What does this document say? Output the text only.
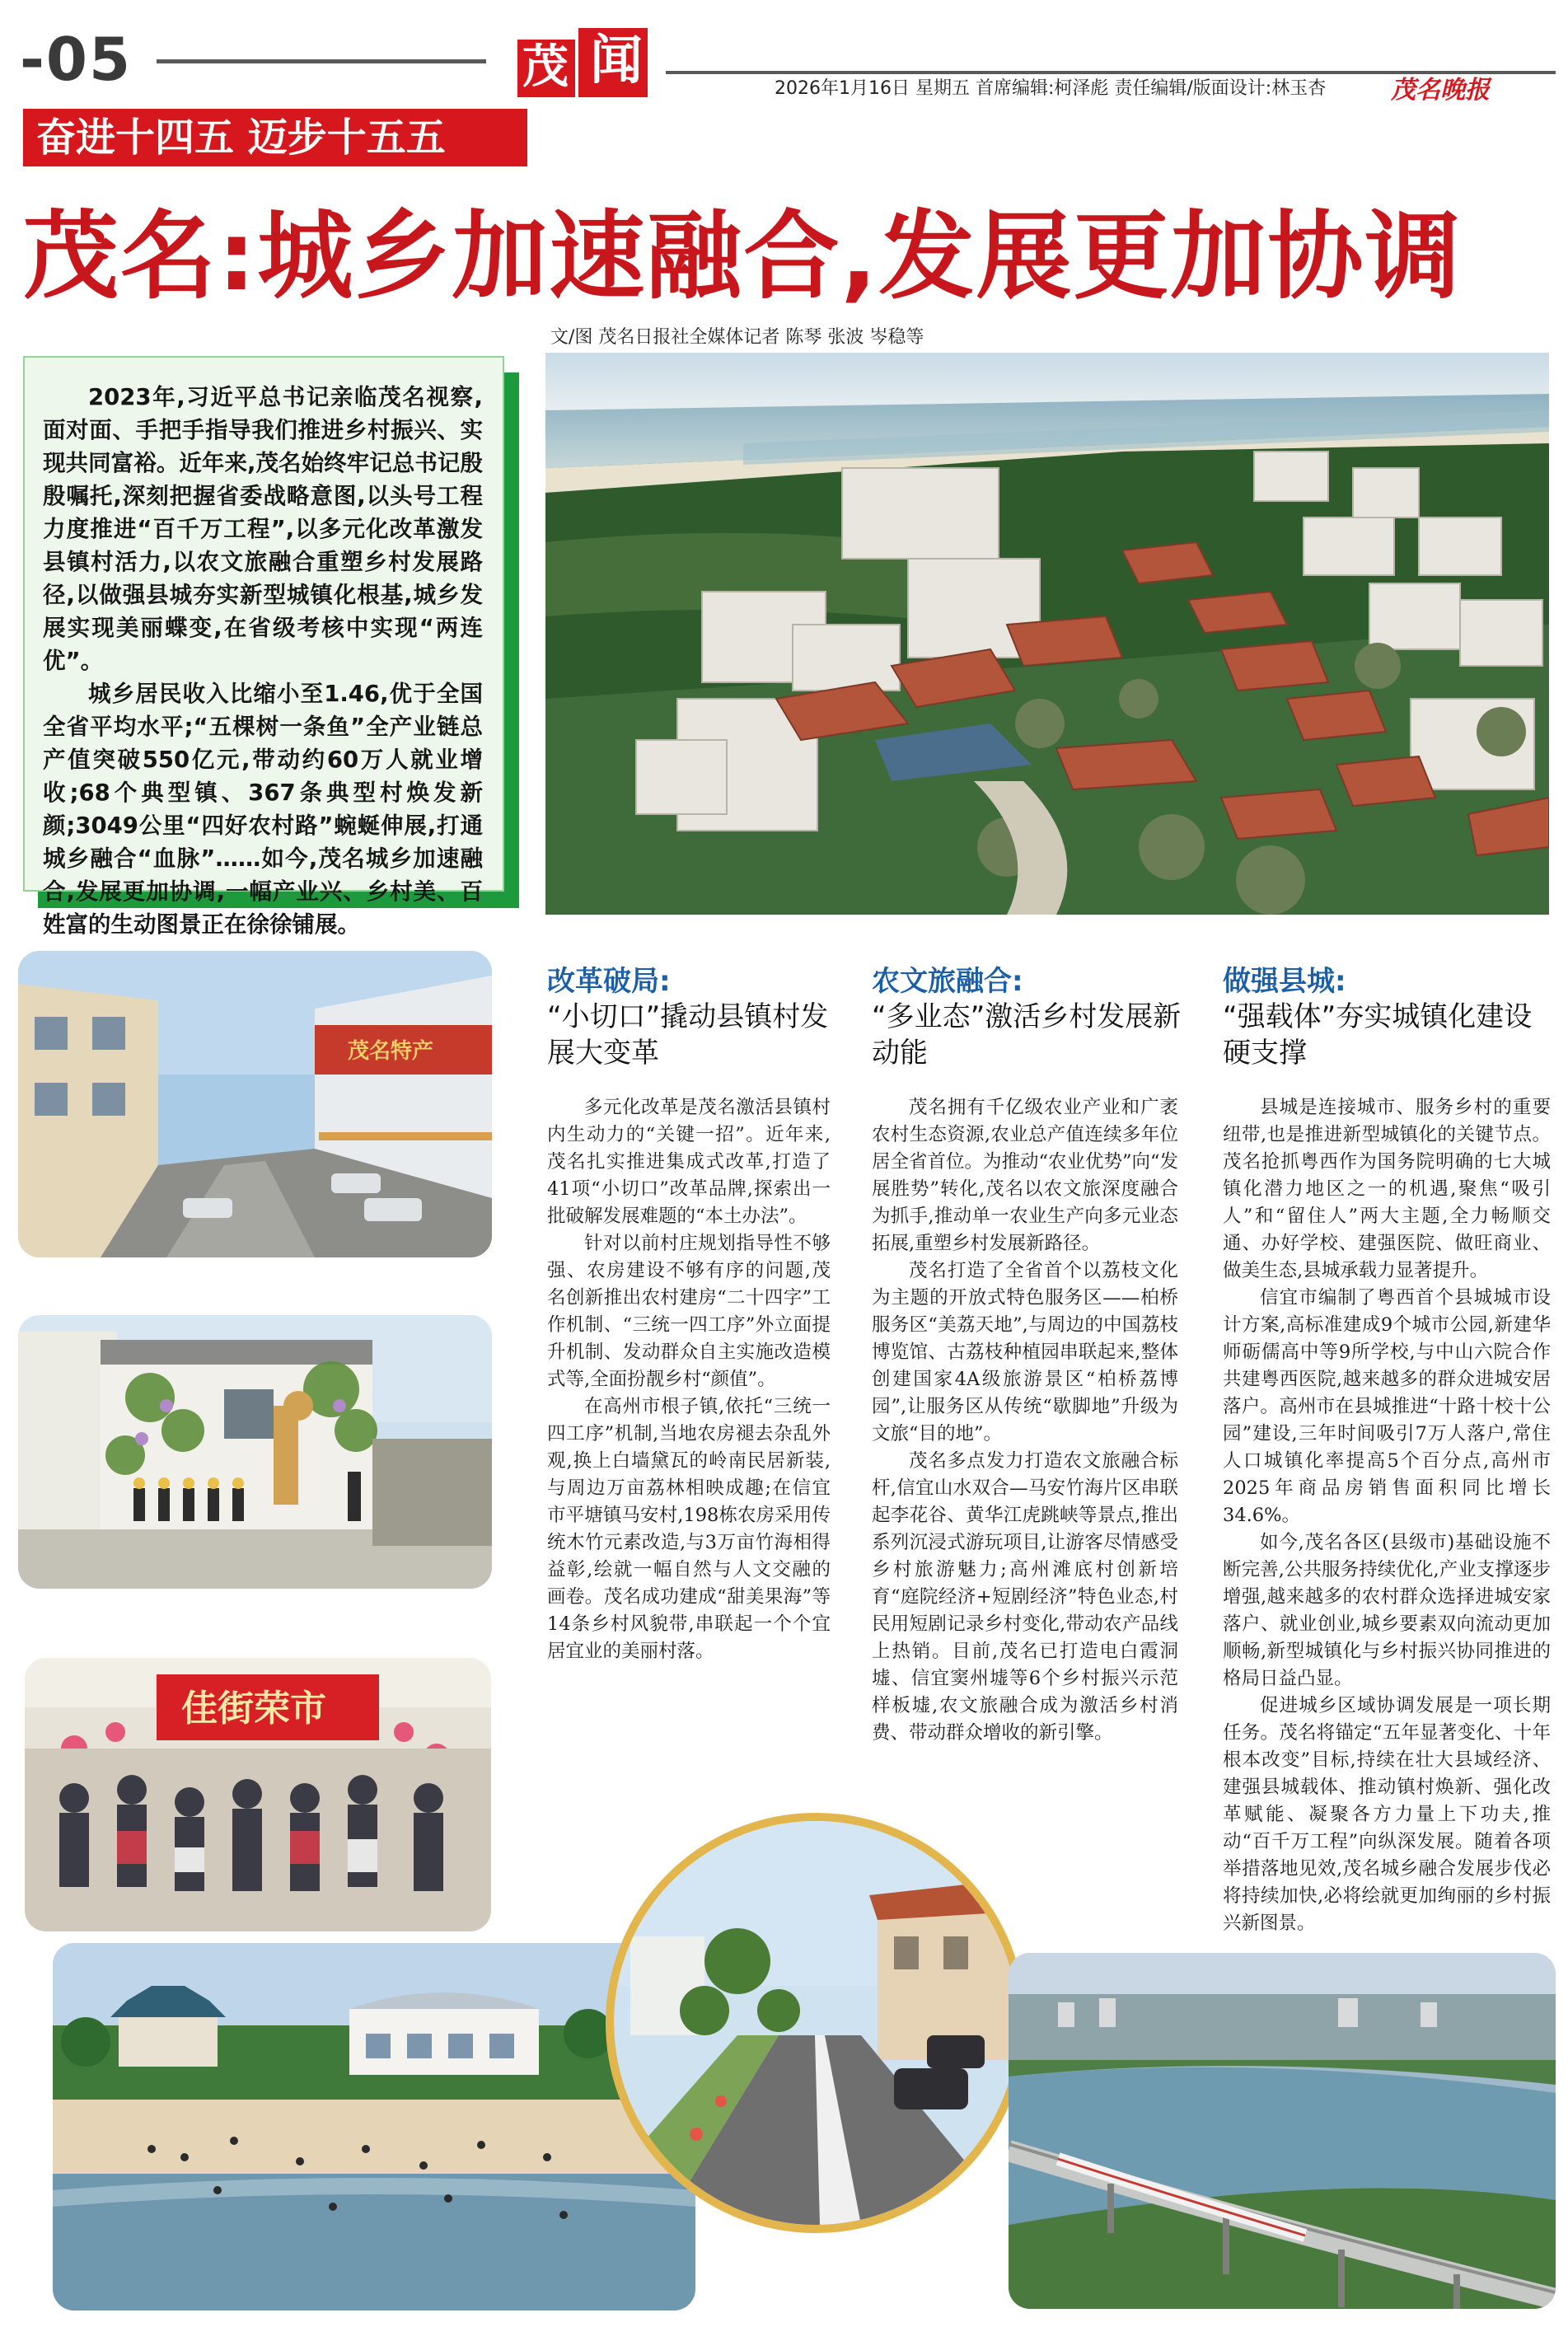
-05	茂 闻	2026年1月16日 星期五 首席编辑:柯泽彪 责任编辑/版面设计:林玉杏	茂名晚报
奋进十四五 迈步十五五
茂名:城乡加速融合,发展更加协调
文/图 茂名日报社全媒体记者 陈琴 张波 岑稳等

2023年,习近平总书记亲临茂名视察,面对面、手把手指导我们推进乡村振兴、实现共同富裕。近年来,茂名始终牢记总书记殷殷嘱托,深刻把握省委战略意图,以头号工程力度推进“百千万工程”,以多元化改革激发县镇村活力,以农文旅融合重塑乡村发展路径,以做强县城夯实新型城镇化根基,城乡发展实现美丽蝶变,在省级考核中实现“两连优”。

城乡居民收入比缩小至1.46,优于全国全省平均水平;“五棵树一条鱼”全产业链总产值突破550亿元,带动约60万人就业增收;68个典型镇、367条典型村焕发新颜;3049公里“四好农村路”蜿蜒伸展,打通城乡融合“血脉”……如今,茂名城乡加速融合,发展更加协调,一幅产业兴、乡村美、百姓富的生动图景正在徐徐铺展。

茂名特产
佳街荣市
改革破局:
“小切口”撬动县镇村发展大变革

多元化改革是茂名激活县镇村内生动力的“关键一招”。近年来,茂名扎实推进集成式改革,打造了41项“小切口”改革品牌,探索出一批破解发展难题的“本土办法”。

针对以前村庄规划指导性不够强、农房建设不够有序的问题,茂名创新推出农村建房“二十四字”工作机制、“三统一四工序”外立面提升机制、发动群众自主实施改造模式等,全面扮靓乡村“颜值”。

在高州市根子镇,依托“三统一四工序”机制,当地农房褪去杂乱外观,换上白墙黛瓦的岭南民居新装,与周边万亩荔林相映成趣;在信宜市平塘镇马安村,198栋农房采用传统木竹元素改造,与3万亩竹海相得益彰,绘就一幅自然与人文交融的画卷。茂名成功建成“甜美果海”等14条乡村风貌带,串联起一个个宜居宜业的美丽村落。

农文旅融合:
“多业态”激活乡村发展新动能

茂名拥有千亿级农业产业和广袤农村生态资源,农业总产值连续多年位居全省首位。为推动“农业优势”向“发展胜势”转化,茂名以农文旅深度融合为抓手,推动单一农业生产向多元业态拓展,重塑乡村发展新路径。

茂名打造了全省首个以荔枝文化为主题的开放式特色服务区——柏桥服务区“美荔天地”,与周边的中国荔枝博览馆、古荔枝种植园串联起来,整体创建国家4A级旅游景区“柏桥荔博园”,让服务区从传统“歇脚地”升级为文旅“目的地”。

茂名多点发力打造农文旅融合标杆,信宜山水双合—马安竹海片区串联起李花谷、黄华江虎跳峡等景点,推出系列沉浸式游玩项目,让游客尽情感受乡村旅游魅力;高州滩底村创新培育“庭院经济+短剧经济”特色业态,村民用短剧记录乡村变化,带动农产品线上热销。目前,茂名已打造电白霞洞墟、信宜窦州墟等6个乡村振兴示范样板墟,农文旅融合成为激活乡村消费、带动群众增收的新引擎。

做强县城:
“强载体”夯实城镇化建设硬支撑

县城是连接城市、服务乡村的重要纽带,也是推进新型城镇化的关键节点。茂名抢抓粤西作为国务院明确的七大城镇化潜力地区之一的机遇,聚焦“吸引人”和“留住人”两大主题,全力畅顺交通、办好学校、建强医院、做旺商业、做美生态,县城承载力显著提升。

信宜市编制了粤西首个县城城市设计方案,高标准建成9个城市公园,新建华师砺儒高中等9所学校,与中山六院合作共建粤西医院,越来越多的群众进城安居落户。高州市在县城推进“十路十校十公园”建设,三年时间吸引7万人落户,常住人口城镇化率提高5个百分点,高州市2025年商品房销售面积同比增长34.6%。

如今,茂名各区(县级市)基础设施不断完善,公共服务持续优化,产业支撑逐步增强,越来越多的农村群众选择进城安家落户、就业创业,城乡要素双向流动更加顺畅,新型城镇化与乡村振兴协同推进的格局日益凸显。

促进城乡区域协调发展是一项长期任务。茂名将锚定“五年显著变化、十年根本改变”目标,持续在壮大县域经济、建强县城载体、推动镇村焕新、强化改革赋能、凝聚各方力量上下功夫,推动“百千万工程”向纵深发展。随着各项举措落地见效,茂名城乡融合发展步伐必将持续加快,必将绘就更加绚丽的乡村振兴新图景。
